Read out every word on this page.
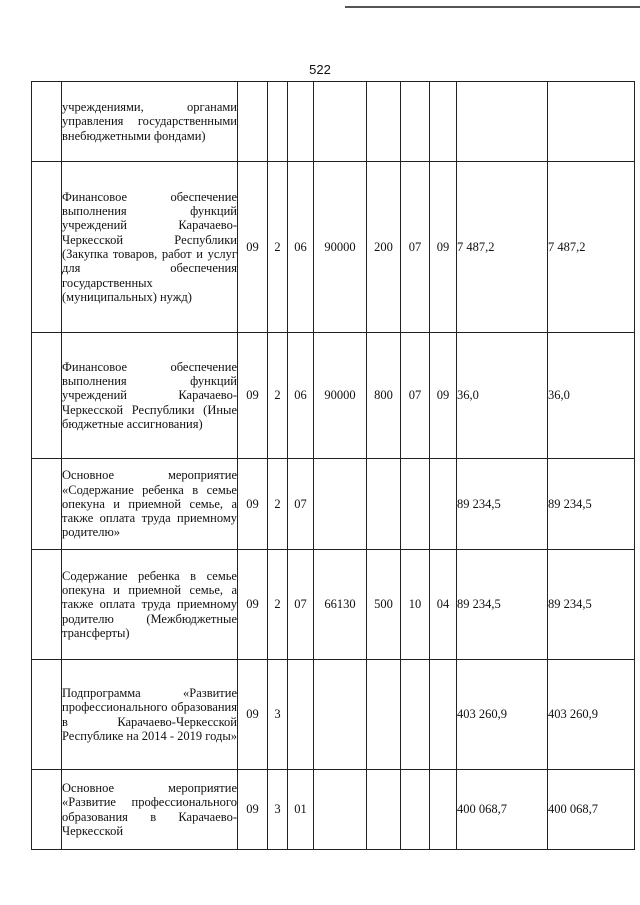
522
	учреждениями, органами управления государственными внебюджетными фондами)									
	Финансовое обеспечение выполнения функций учреждений Карачаево-Черкесской Республики (Закупка товаров, работ и услуг для обеспечения государственных (муниципальных) нужд)	09	2	06	90000	200	07	09	7 487,2	7 487,2
	Финансовое обеспечение выполнения функций учреждений Карачаево-Черкесской Республики (Иные бюджетные ассигнования)	09	2	06	90000	800	07	09	36,0	36,0
	Основное мероприятие «Содержание ребенка в семье опекуна и приемной семье, а также оплата труда приемному родителю»	09	2	07					89 234,5	89 234,5
	Содержание ребенка в семье опекуна и приемной семье, а также оплата труда приемному родителю (Межбюджетные трансферты)	09	2	07	66130	500	10	04	89 234,5	89 234,5
	Подпрограмма «Развитие профессионального образования в Карачаево-Черкесской Республике на 2014 - 2019 годы»	09	3						403 260,9	403 260,9
	Основное мероприятие «Развитие профессионального образования в Карачаево-Черкесской	09	3	01					400 068,7	400 068,7
